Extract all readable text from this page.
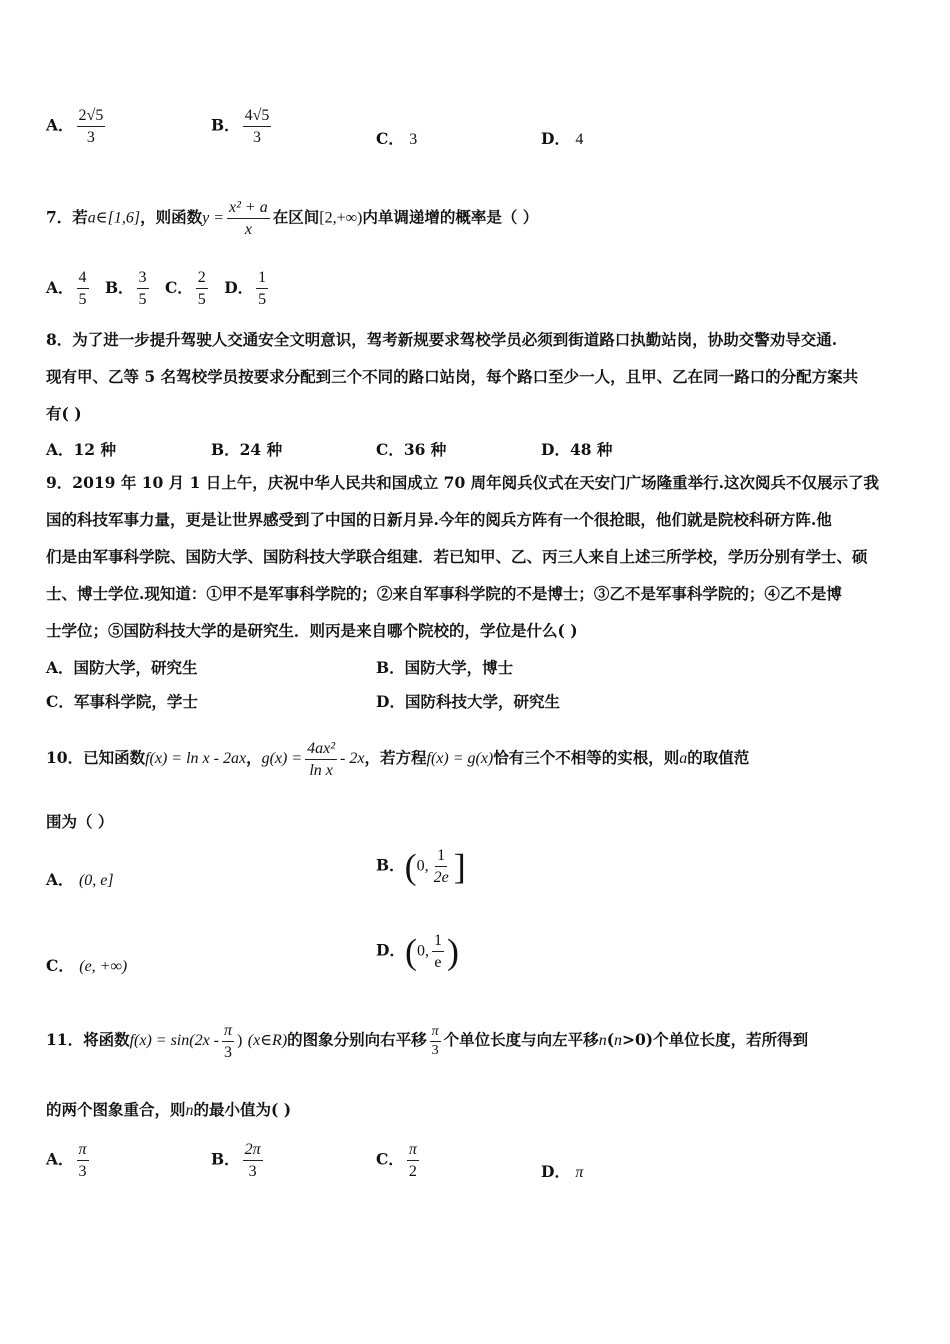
A． $\frac{2√5}{3}$	B． $\frac{4√5}{3}$	C． 3	D． 4
7．若a∈[1,6]，则函数$y = \frac{\text{x² + a}}{x}$ 在区间[2,+∞)内单调递增的概率是（ ）
A． $\frac{4}{5}$ B． $\frac{3}{5}$ C． $\frac{2}{5}$ D． $\frac{1}{5}$
8．为了进一步提升驾驶人交通安全文明意识，驾考新规要求驾校学员必须到街道路口执勤站岗，协助交警劝导交通.
现有甲、乙等 5 名驾校学员按要求分配到三个不同的路口站岗，每个路口至少一人，且甲、乙在同一路口的分配方案共
有( )
A．12 种	B．24 种	C．36 种	D．48 种
9．2019 年 10 月 1 日上午，庆祝中华人民共和国成立 70 周年阅兵仪式在天安门广场隆重举行.这次阅兵不仅展示了我
国的科技军事力量，更是让世界感受到了中国的日新月异.今年的阅兵方阵有一个很抢眼，他们就是院校科研方阵.他
们是由军事科学院、国防大学、国防科技大学联合组建．若已知甲、乙、丙三人来自上述三所学校，学历分别有学士、硕
士、博士学位.现知道：①甲不是军事科学院的；②来自军事科学院的不是博士；③乙不是军事科学院的；④乙不是博
士学位；⑤国防科技大学的是研究生．则丙是来自哪个院校的，学位是什么( )
A．国防大学，研究生	B．国防大学，博士
C．军事科学院，学士	D．国防科技大学，研究生
10．已知函数f(x) = ln x - 2ax，$g(x) = \frac{\text{4ax²}}{\text{ln x}} - 2x$，若方程f(x) = g(x)恰有三个不相等的实根，则a的取值范
围为（ ）
A． (0, e]
B．(0, $\frac{1}{2e}$ ]
C． (e, +∞)
D．(0, $\frac{1}{e}$ )
11．将函数$f(x) = \sin(2x - \frac{\pi}{3}$ ) (x∈R)的图象分别向右平移 $\frac{\pi}{3}$ 个单位长度与向左平移n(n>0)个单位长度，若所得到
的两个图象重合，则n的最小值为( )
A． $\frac{\pi}{3}$	B． $\frac{2\pi}{3}$	C． $\frac{\pi}{2}$	D． π
